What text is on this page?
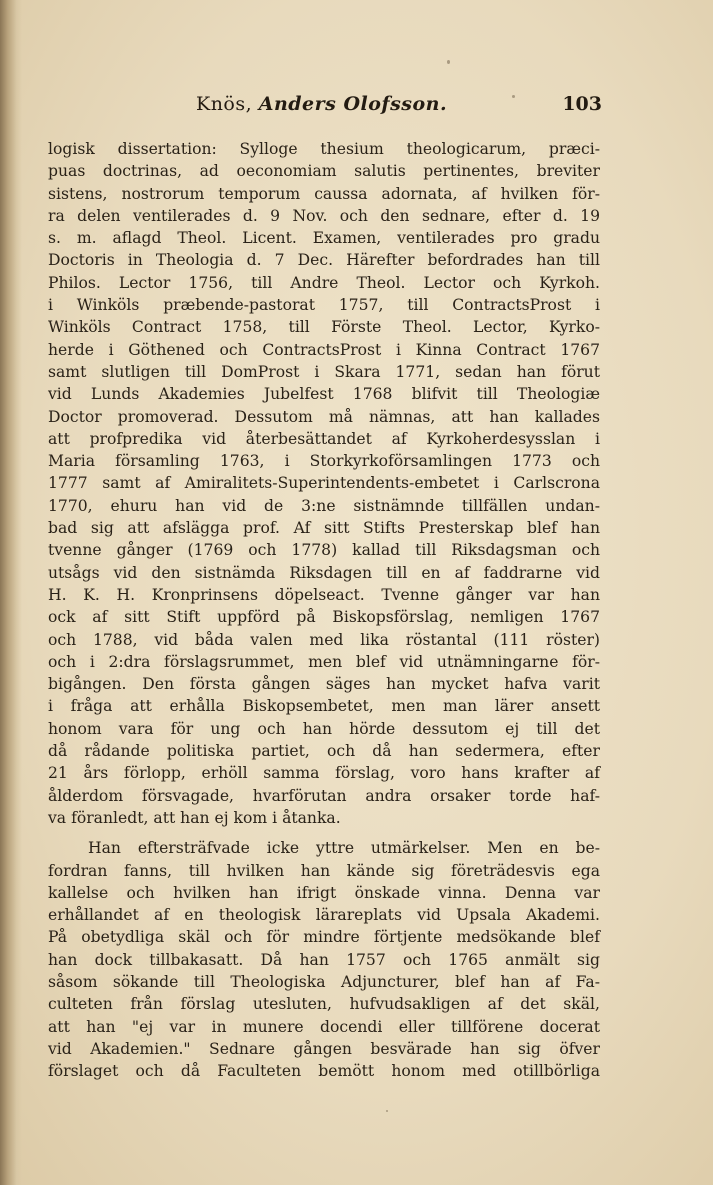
Knös, Anders Olofsson.	103
logisk dissertation: Sylloge thesium theologicarum, præci-
puas doctrinas, ad oeconomiam salutis pertinentes, breviter
sistens, nostrorum temporum caussa adornata, af hvilken för-
ra delen ventilerades d. 9 Nov. och den sednare, efter d. 19
s. m. aflagd Theol. Licent. Examen, ventilerades pro gradu
Doctoris in Theologia d. 7 Dec. Härefter befordrades han till
Philos. Lector 1756, till Andre Theol. Lector och Kyrkoh.
i Winköls præbende-pastorat 1757, till ContractsProst i
Winköls Contract 1758, till Förste Theol. Lector, Kyrko-
herde i Göthened och ContractsProst i Kinna Contract 1767
samt slutligen till DomProst i Skara 1771, sedan han förut
vid Lunds Akademies Jubelfest 1768 blifvit till Theologiæ
Doctor promoverad. Dessutom må nämnas, att han kallades
att profpredika vid återbesättandet af Kyrkoherdesysslan i
Maria församling 1763, i Storkyrkoförsamlingen 1773 och
1777 samt af Amiralitets-Superintendents-embetet i Carlscrona
1770, ehuru han vid de 3:ne sistnämnde tillfällen undan-
bad sig att afslägga prof. Af sitt Stifts Presterskap blef han
tvenne gånger (1769 och 1778) kallad till Riksdagsman och
utsågs vid den sistnämda Riksdagen till en af faddrarne vid
H. K. H. Kronprinsens döpelseact. Tvenne gånger var han
ock af sitt Stift uppförd på Biskopsförslag, nemligen 1767
och 1788, vid båda valen med lika röstantal (111 röster)
och i 2:dra förslagsrummet, men blef vid utnämningarne för-
bigången. Den första gången säges han mycket hafva varit
i fråga att erhålla Biskopsembetet, men man lärer ansett
honom vara för ung och han hörde dessutom ej till det
då rådande politiska partiet, och då han sedermera, efter
21 års förlopp, erhöll samma förslag, voro hans krafter af
ålderdom försvagade, hvarförutan andra orsaker torde haf-
va föranledt, att han ej kom i åtanka.
Han eftersträfvade icke yttre utmärkelser. Men en be-
fordran fanns, till hvilken han kände sig företrädesvis ega
kallelse och hvilken han ifrigt önskade vinna. Denna var
erhållandet af en theologisk lärareplats vid Upsala Akademi.
På obetydliga skäl och för mindre förtjente medsökande blef
han dock tillbakasatt. Då han 1757 och 1765 anmält sig
såsom sökande till Theologiska Adjuncturer, blef han af Fa-
culteten från förslag utesluten, hufvudsakligen af det skäl,
att han "ej var in munere docendi eller tillförene docerat
vid Akademien." Sednare gången besvärade han sig öfver
förslaget och då Faculteten bemött honom med otillbörliga
